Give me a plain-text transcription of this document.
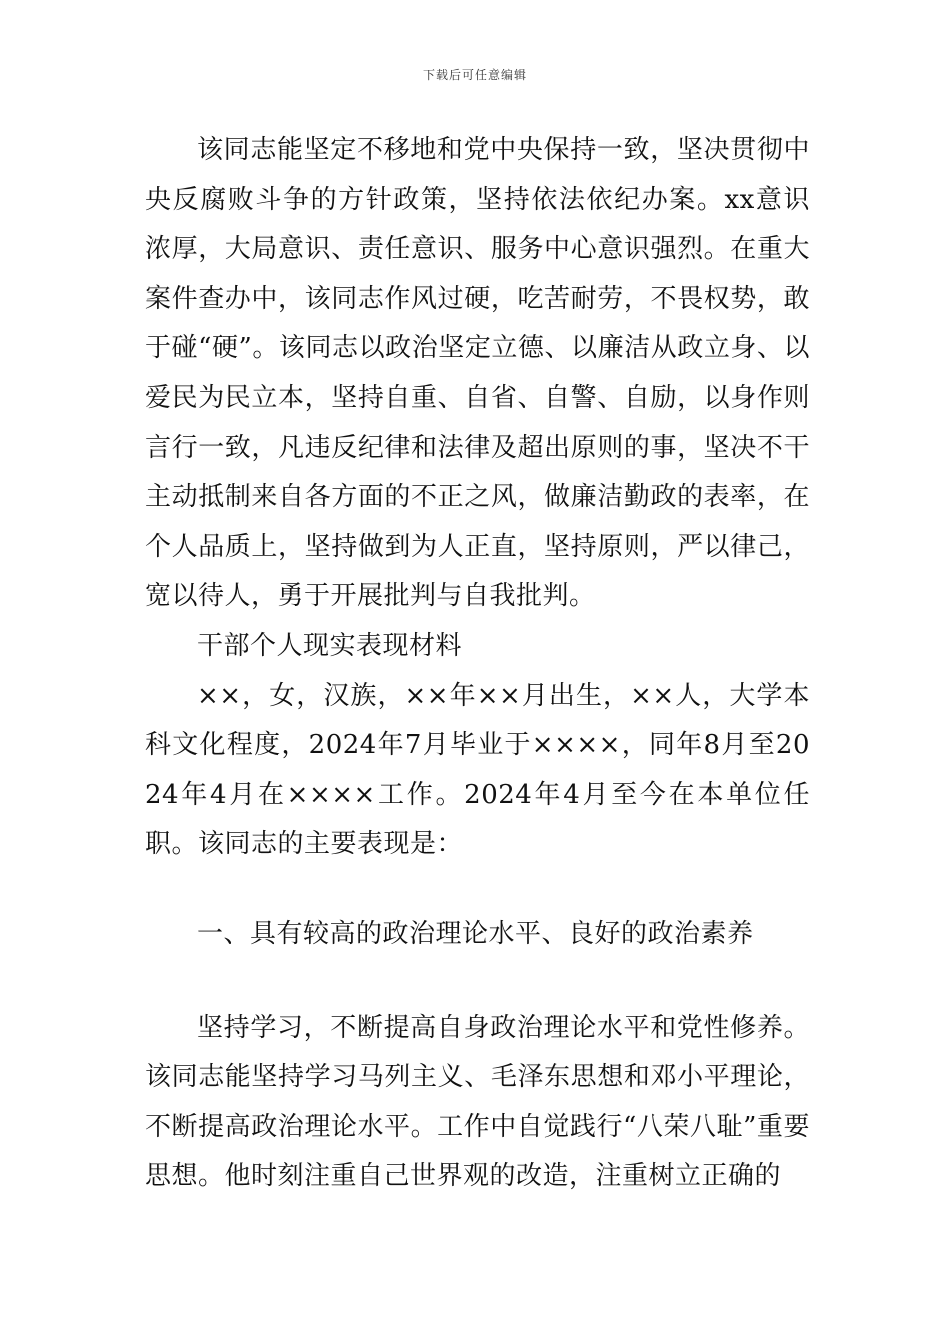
下载后可任意编辑

该同志能坚定不移地和党中央保持一致，坚决贯彻中央反腐败斗争的方针政策，坚持依法依纪办案。xx意识浓厚，大局意识、责任意识、服务中心意识强烈。在重大案件查办中，该同志作风过硬，吃苦耐劳，不畏权势，敢于碰“硬”。该同志以政治坚定立德、以廉洁从政立身、以爱民为民立本，坚持自重、自省、自警、自励，以身作则言行一致，凡违反纪律和法律及超出原则的事，坚决不干主动抵制来自各方面的不正之风，做廉洁勤政的表率，在个人品质上，坚持做到为人正直，坚持原则，严以律己，宽以待人，勇于开展批判与自我批判。

干部个人现实表现材料

××，女，汉族，××年××月出生，××人，大学本科文化程度，2024年7月毕业于××××，同年8月至2024年4月在××××工作。2024年4月至今在本单位任职。该同志的主要表现是：

一、具有较高的政治理论水平、良好的政治素养

坚持学习，不断提高自身政治理论水平和党性修养。该同志能坚持学习马列主义、毛泽东思想和邓小平理论，不断提高政治理论水平。工作中自觉践行“八荣八耻”重要思想。他时刻注重自己世界观的改造，注重树立正确的
